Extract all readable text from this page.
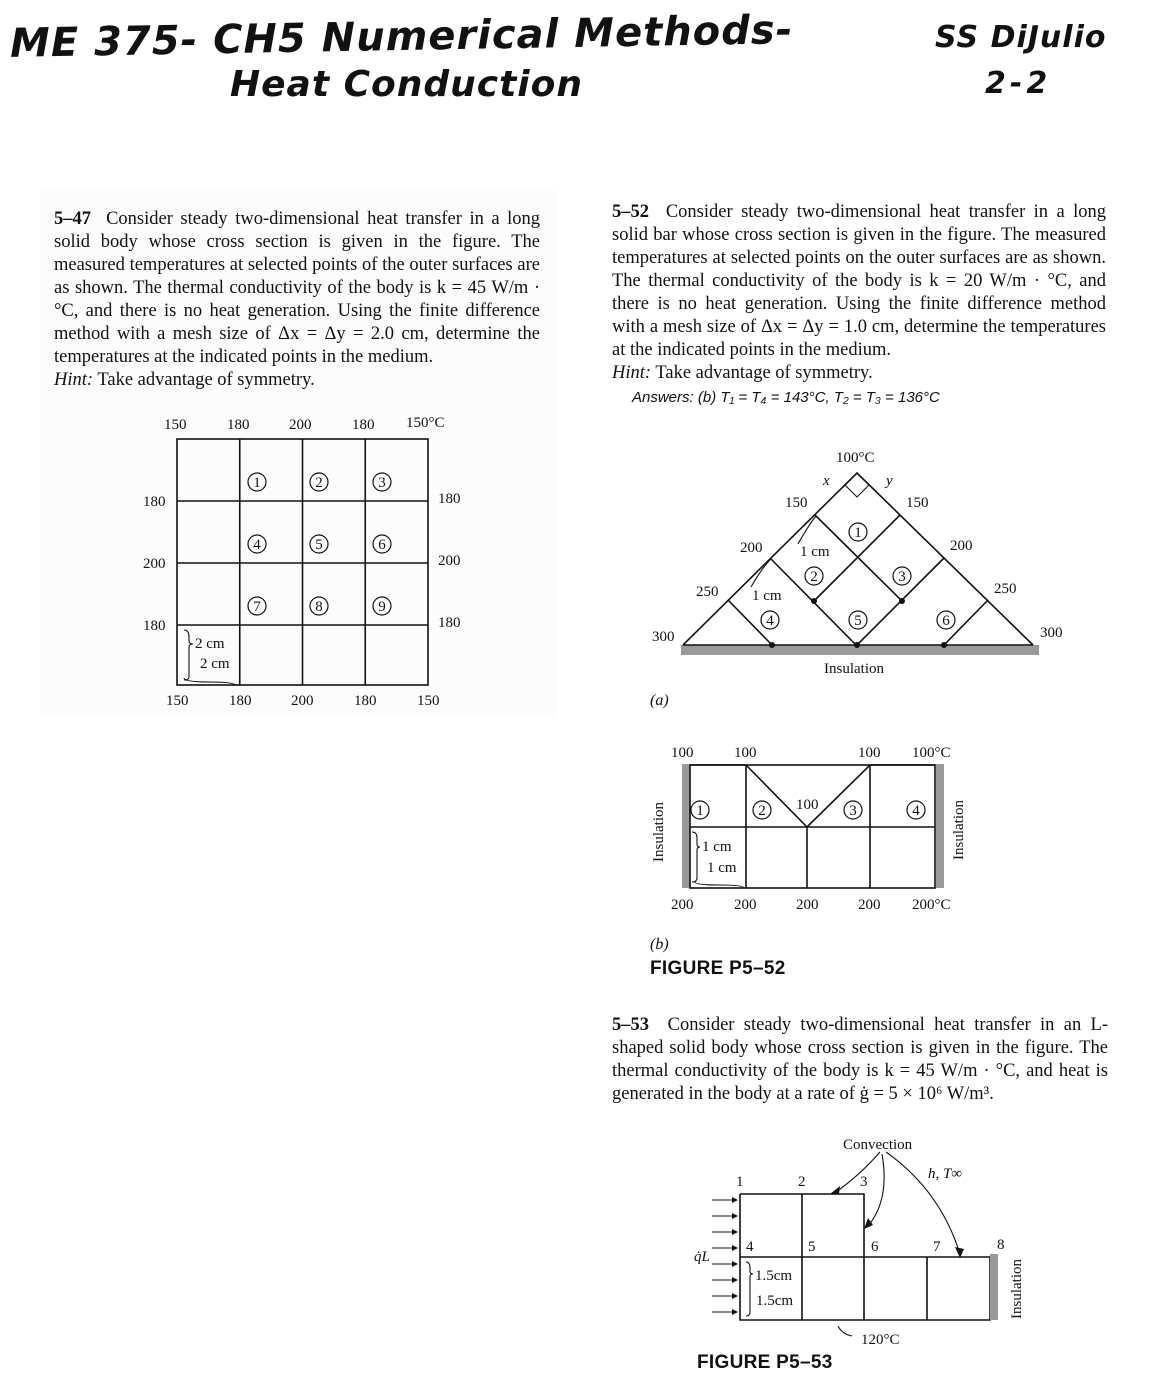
ME 375- CH5 Numerical Methods-
Heat Conduction
SS DiJulio
2-2
5–47 Consider steady two-dimensional heat transfer in a long solid body whose cross section is given in the figure. The measured temperatures at selected points of the outer surfaces are as shown. The thermal conductivity of the body is k = 45 W/m · °C, and there is no heat generation. Using the finite difference method with a mesh size of Δx = Δy = 2.0 cm, determine the temperatures at the indicated points in the medium.
Hint: Take advantage of symmetry.
150	180	200	180 150°C
150	180	200	180	150
180
200
180
180
200
180
1	2	3
4	5	6
7	8	9
2 cm
2 cm
5–52 Consider steady two-dimensional heat transfer in a long solid bar whose cross section is given in the figure. The measured temperatures at selected points on the outer surfaces are as shown. The thermal conductivity of the body is k = 20 W/m · °C, and there is no heat generation. Using the finite difference method with a mesh size of Δx = Δy = 1.0 cm, determine the temperatures at the indicated points in the medium.
Hint: Take advantage of symmetry.
Answers: (b) T₁ = T₄ = 143°C, T₂ = T₃ = 136°C
100°C
x	y
150
200
250
300
150
200
250
300
1 cm
1 cm
1
2	3
4	5	6
Insulation
(a)
100	100	100 100°C
100
200	200	200	200 200°C
1	2	3	4
1 cm
1 cm
Insulation	Insulation
(b)
FIGURE P5–52
5–53 Consider steady two-dimensional heat transfer in an L-shaped solid body whose cross section is given in the figure. The thermal conductivity of the body is k = 45 W/m · °C, and heat is generated in the body at a rate of ġ = 5 × 10⁶ W/m³.
Convection
h, T∞
q̇L
1	2	3
4	5	6	7	8
1.5cm
1.5cm
120°C
Insulation
FIGURE P5–53
